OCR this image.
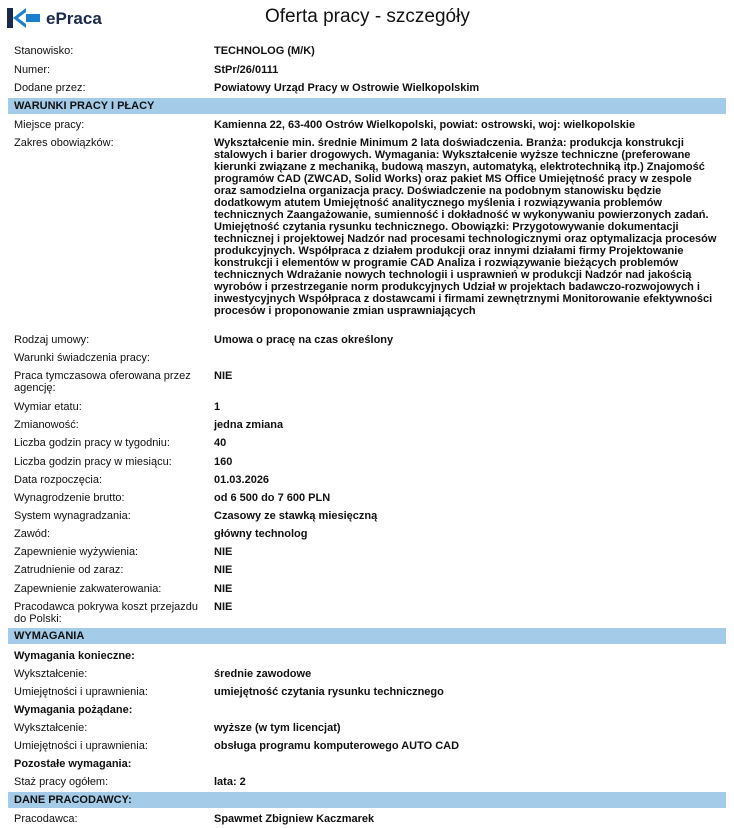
ePraca	Oferta pracy - szczegóły
Stanowisko:	TECHNOLOG (M/K)
Numer:	StPr/26/0111
Dodane przez:	Powiatowy Urząd Pracy w Ostrowie Wielkopolskim
WARUNKI PRACY I PŁACY
Miejsce pracy:	Kamienna 22, 63-400 Ostrów Wielkopolski, powiat: ostrowski, woj: wielkopolskie
Zakres obowiązków:	Wykształcenie min. średnie Minimum 2 lata doświadczenia. Branża: produkcja konstrukcji
stalowych i barier drogowych. Wymagania: Wykształcenie wyższe techniczne (preferowane
kierunki związane z mechaniką, budową maszyn, automatyką, elektrotechniką itp.) Znajomość
programów CAD (ZWCAD, Solid Works) oraz pakiet MS Office Umiejętność pracy w zespole
oraz samodzielna organizacja pracy. Doświadczenie na podobnym stanowisku będzie
dodatkowym atutem Umiejętność analitycznego myślenia i rozwiązywania problemów
technicznych Zaangażowanie, sumienność i dokładność w wykonywaniu powierzonych zadań.
Umiejętność czytania rysunku technicznego. Obowiązki: Przygotowywanie dokumentacji
technicznej i projektowej Nadzór nad procesami technologicznymi oraz optymalizacja procesów
produkcyjnych. Współpraca z działem produkcji oraz innymi działami firmy Projektowanie
konstrukcji i elementów w programie CAD Analiza i rozwiązywanie bieżących problemów
technicznych Wdrażanie nowych technologii i usprawnień w produkcji Nadzór nad jakością
wyrobów i przestrzeganie norm produkcyjnych Udział w projektach badawczo-rozwojowych i
inwestycyjnych Współpraca z dostawcami i firmami zewnętrznymi Monitorowanie efektywności
procesów i proponowanie zmian usprawniających
Rodzaj umowy:	Umowa o pracę na czas określony
Warunki świadczenia pracy:
Praca tymczasowa oferowana przez agencję:
NIE
Wymiar etatu:	1
Zmianowość:	jedna zmiana
Liczba godzin pracy w tygodniu:	40
Liczba godzin pracy w miesiącu:	160
Data rozpoczęcia:	01.03.2026
Wynagrodzenie brutto:	od 6 500 do 7 600 PLN
System wynagradzania:	Czasowy ze stawką miesięczną
Zawód:	główny technolog
Zapewnienie wyżywienia:	NIE
Zatrudnienie od zaraz:	NIE
Zapewnienie zakwaterowania:	NIE
Pracodawca pokrywa koszt przejazdu do Polski:
NIE
WYMAGANIA
Wymagania konieczne:
Wykształcenie:	średnie zawodowe
Umiejętności i uprawnienia:	umiejętność czytania rysunku technicznego
Wymagania pożądane:
Wykształcenie:	wyższe (w tym licencjat)
Umiejętności i uprawnienia:	obsługa programu komputerowego AUTO CAD
Pozostałe wymagania:
Staż pracy ogółem:	lata: 2
DANE PRACODAWCY:
Pracodawca:	Spawmet Zbigniew Kaczmarek
